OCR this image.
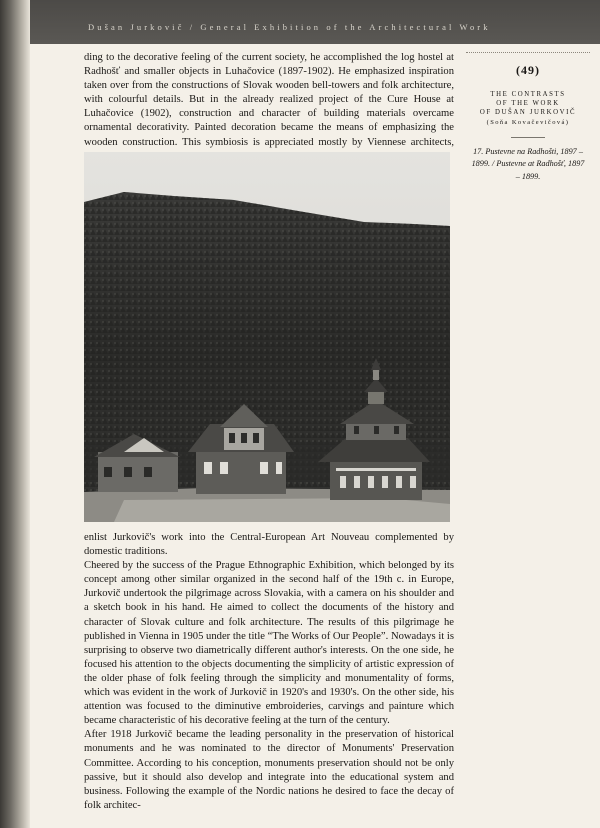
Dušan Jurkovič / General Exhibition of the Architectural Work

ding to the decorative feeling of the current society, he accomplished the log hostel at Radhošť and smaller objects in Luhačovice (1897-1902). He emphasized inspiration taken over from the constructions of Slovak wooden bell-towers and folk architecture, with colourful details. But in the already realized project of the Cure House at Luhačovice (1902), construction and character of building materials overcame ornamental decorativity. Painted decoration became the means of emphasizing the wooden construction. This symbiosis is appreciated mostly by Viennese architects,

(49)
THE CONTRASTS
OF THE WORK
OF DUŠAN JURKOVIČ
(Soňa Kovačevičová)
17. Pustevne na Radhošti, 1897 – 1899. / Pustevne at Radhošť, 1897 – 1899.

enlist Jurkovič's work into the Central-European Art Nouveau complemented by domestic traditions.

Cheered by the success of the Prague Ethnographic Exhibition, which belonged by its concept among other similar organized in the second half of the 19th c. in Europe, Jurkovič undertook the pilgrimage across Slovakia, with a camera on his shoulder and a sketch book in his hand. He aimed to collect the documents of the history and character of Slovak culture and folk architecture. The results of this pilgrimage he published in Vienna in 1905 under the title “The Works of Our People”. Nowadays it is surprising to observe two diametrically different author's interests. On the one side, he focused his attention to the objects documenting the simplicity of artistic expression of the older phase of folk feeling through the simplicity and monumentality of forms, which was evident in the work of Jurkovič in 1920's and 1930's. On the other side, his attention was focused to the diminutive embroideries, carvings and painture which became characteristic of his decorative feeling at the turn of the century.

After 1918 Jurkovič became the leading personality in the preservation of historical monuments and he was nominated to the director of Monuments' Preservation Committee. According to his conception, monuments preservation should not be only passive, but it should also develop and integrate into the educational system and business. Following the example of the Nordic nations he desired to face the decay of folk architec-
